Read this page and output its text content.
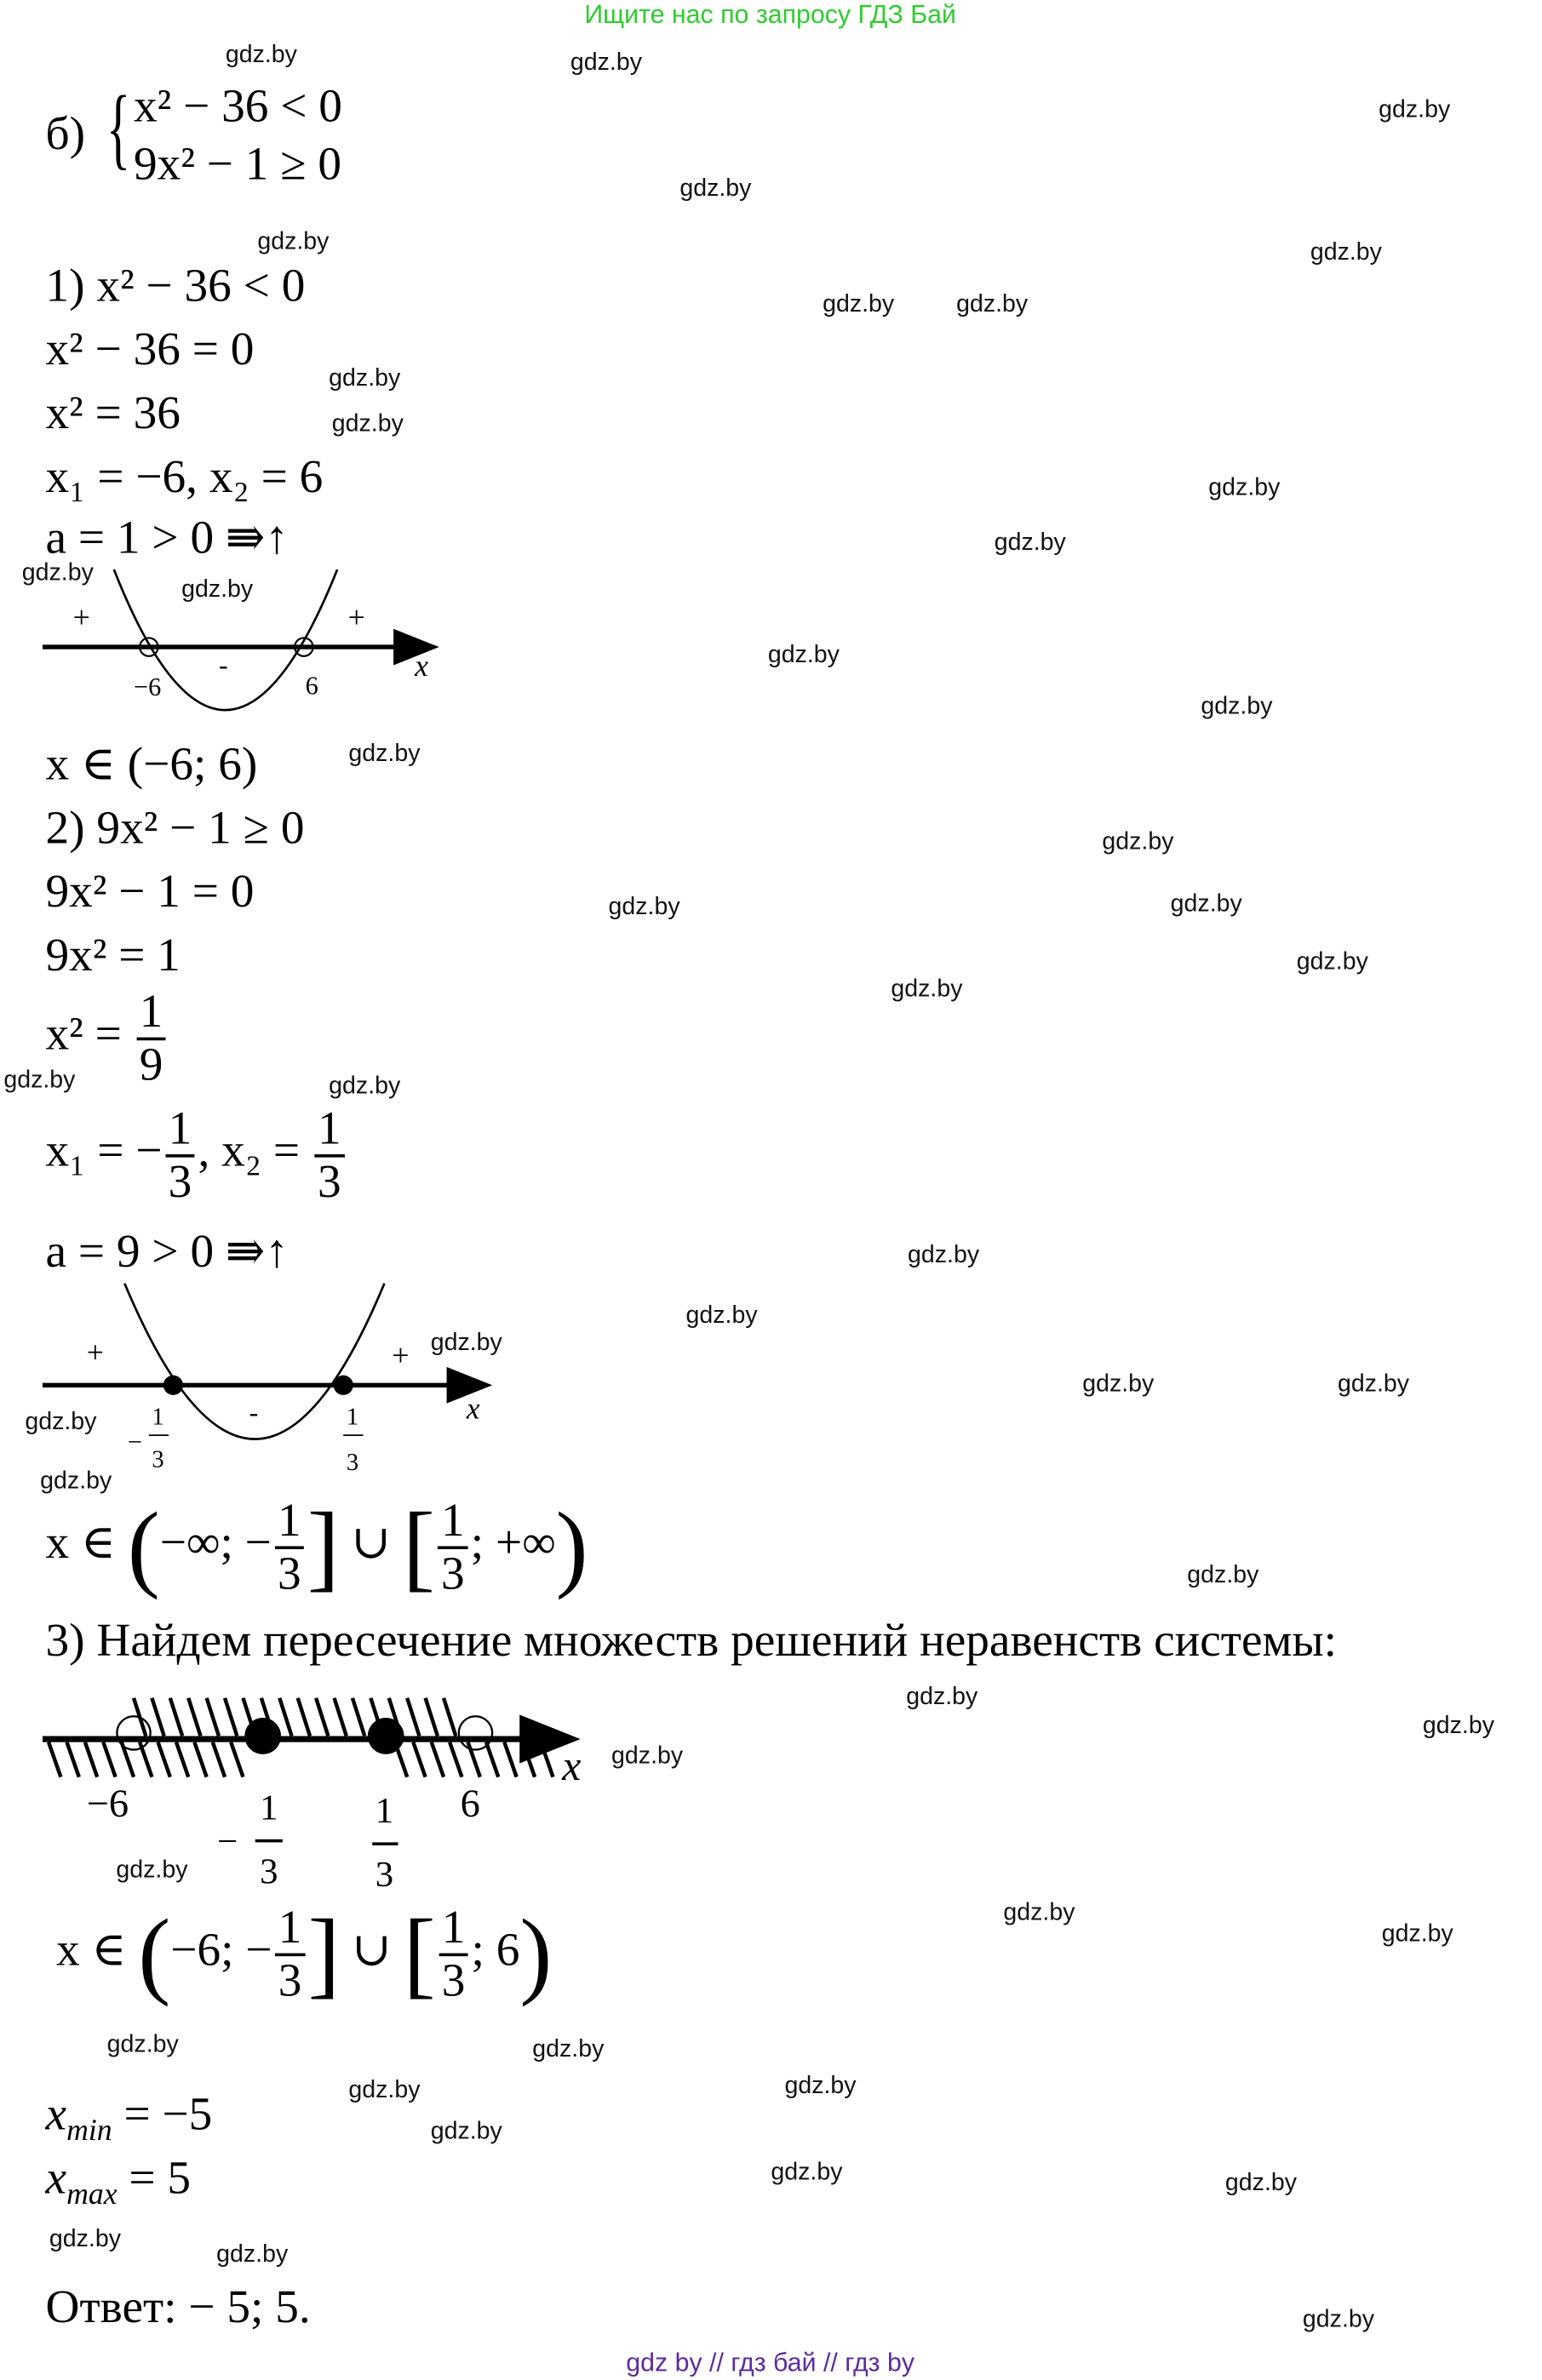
Ищите нас по запросу ГДЗ Бай
б) { x² − 36 < 0
9x² − 1 ≥ 0
1) x² − 36 < 0
x² − 36 = 0
x² = 36
x₁ = −6, x₂ = 6
a = 1 > 0 ⇛↑
x ∈ (−6; 6)
2) 9x² − 1 ≥ 0
9x² − 1 = 0
9x² = 1
$x^2 = \frac{1}{9}$
x₁ = − $\frac{1}{3}$ , $x_2 = \frac{1}{3}$
a = 9 > 0 ⇛↑
x ∈ (−∞; − $\frac{1}{3}$ ] ∪ [ $\frac{1}{3}$ ; +∞)
3) Найдем пересечение множеств решений неравенств системы:
x ∈ (−6; − $\frac{1}{3}$ ] ∪ [ $\frac{1}{3}$ ; 6)
$x_{min} = -5$
$x_{max} = 5$
Ответ: − 5; 5.
+	+
-
−6	6
x
+	+
-
−
1
3
1
3
x
−6	6
−
1
3
1
3
x
gdz.by	gdz.by
gdz.by
gdz.by
gdz.by	gdz.by
gdz.by	gdz.by
gdz.by
gdz.by
gdz.by
gdz.by
gdz.by
gdz.by
gdz.by
gdz.by
gdz.by
gdz.by
gdz.by	gdz.by
gdz.by
gdz.by
gdz.by	gdz.by
gdz.by
gdz.by
gdz.by
gdz.by	gdz.by
gdz.by
gdz.by
gdz.by
gdz.by
gdz.by
gdz.by
gdz.by
gdz.by
gdz.by
gdz.by	gdz.by
gdz.by	gdz.by
gdz.by
gdz.by	gdz.by
gdz.by
gdz.by
gdz.by
gdz by // гдз бай // гдз by
